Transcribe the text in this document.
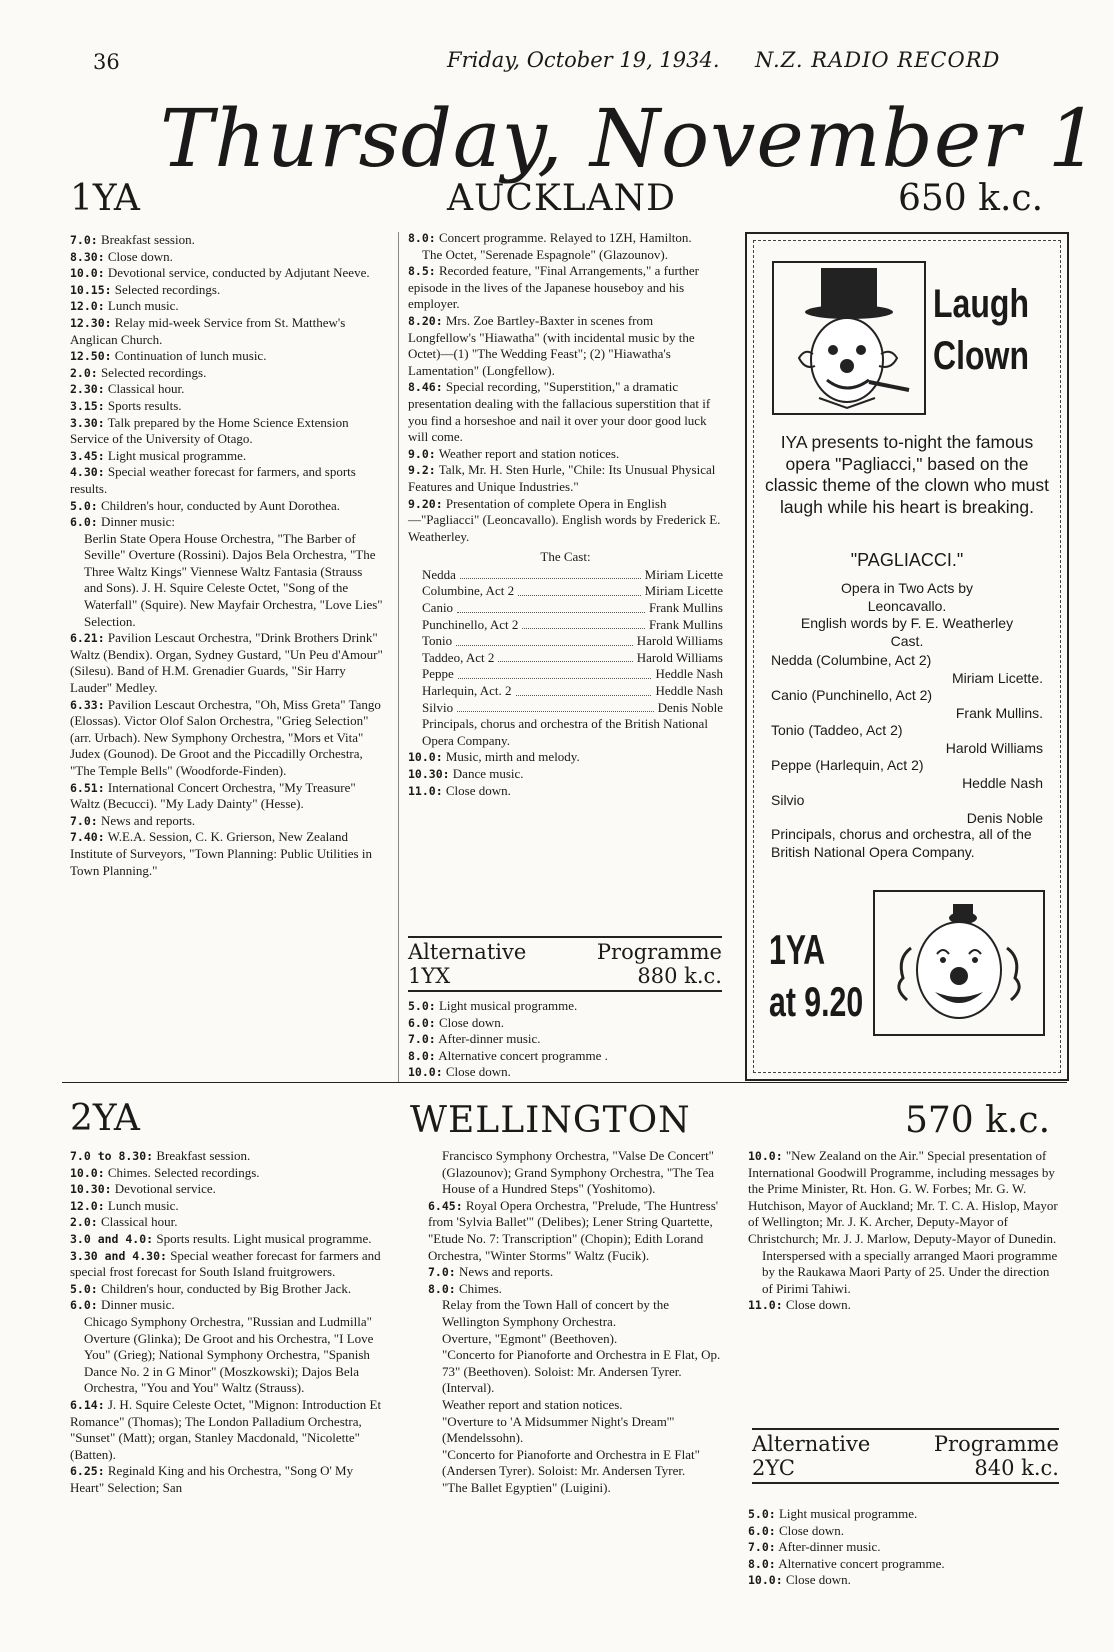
36	Friday, October 19, 1934. N.Z. RADIO RECORD
Thursday, November 1
1YA	AUCKLAND	650 k.c.

7.0: Breakfast session.

8.30: Close down.

10.0: Devotional service, conducted by Adjutant Neeve.

10.15: Selected recordings.

12.0: Lunch music.

12.30: Relay mid-week Service from St. Matthew's Anglican Church.

12.50: Continuation of lunch music.

2.0: Selected recordings.

2.30: Classical hour.

3.15: Sports results.

3.30: Talk prepared by the Home Science Extension Service of the University of Otago.

3.45: Light musical programme.

4.30: Special weather forecast for farmers, and sports results.

5.0: Children's hour, conducted by Aunt Dorothea.

6.0: Dinner music:

Berlin State Opera House Orchestra, "The Barber of Seville" Overture (Rossini). Dajos Bela Orchestra, "The Three Waltz Kings" Viennese Waltz Fantasia (Strauss and Sons). J. H. Squire Celeste Octet, "Song of the Waterfall" (Squire). New Mayfair Orchestra, "Love Lies" Selection.

6.21: Pavilion Lescaut Orchestra, "Drink Brothers Drink" Waltz (Bendix). Organ, Sydney Gustard, "Un Peu d'Amour" (Silesu). Band of H.M. Grenadier Guards, "Sir Harry Lauder" Medley.

6.33: Pavilion Lescaut Orchestra, "Oh, Miss Greta" Tango (Elossas). Victor Olof Salon Orchestra, "Grieg Selection" (arr. Urbach). New Symphony Orchestra, "Mors et Vita" Judex (Gounod). De Groot and the Piccadilly Orchestra, "The Temple Bells" (Woodforde-Finden).

6.51: International Concert Orchestra, "My Treasure" Waltz (Becucci). "My Lady Dainty" (Hesse).

7.0: News and reports.

7.40: W.E.A. Session, C. K. Grierson, New Zealand Institute of Surveyors, "Town Planning: Public Utilities in Town Planning."

8.0: Concert programme. Relayed to 1ZH, Hamilton.

The Octet, "Serenade Espagnole" (Glazounov).

8.5: Recorded feature, "Final Arrangements," a further episode in the lives of the Japanese houseboy and his employer.

8.20: Mrs. Zoe Bartley-Baxter in scenes from Longfellow's "Hiawatha" (with incidental music by the Octet)—(1) "The Wedding Feast"; (2) "Hiawatha's Lamentation" (Longfellow).

8.46: Special recording, "Superstition," a dramatic presentation dealing with the fallacious superstition that if you find a horseshoe and nail it over your door good luck will come.

9.0: Weather report and station notices.

9.2: Talk, Mr. H. Sten Hurle, "Chile: Its Unusual Physical Features and Unique Industries."

9.20: Presentation of complete Opera in English—"Pagliacci" (Leoncavallo). English words by Frederick E. Weatherley.

The Cast:
Nedda	Miriam Licette
Columbine, Act 2	Miriam Licette
Canio	Frank Mullins
Punchinello, Act 2	Frank Mullins
Tonio	Harold Williams
Taddeo, Act 2	Harold Williams
Peppe	Heddle Nash
Harlequin, Act. 2	Heddle Nash
Silvio	Denis Noble

Principals, chorus and orchestra of the British National Opera Company.

10.0: Music, mirth and melody.

10.30: Dance music.

11.0: Close down.

Alternative	Programme
1YX	880 k.c.

5.0: Light musical programme.

6.0: Close down.

7.0: After-dinner music.

8.0: Alternative concert programme .

10.0: Close down.

Laugh
Clown
IYA presents to-night the famous opera "Pagliacci," based on the classic theme of the clown who must laugh while his heart is breaking.
"PAGLIACCI."
Opera in Two Acts by
Leoncavallo.
English words by F. E. Weatherley
Cast.
Nedda (Columbine, Act 2)
Miriam Licette.
Canio (Punchinello, Act 2)
Frank Mullins.
Tonio (Taddeo, Act 2)
Harold Williams
Peppe (Harlequin, Act 2)
Heddle Nash
Silvio
Denis Noble
Principals, chorus and orchestra, all of the British National Opera Company.
1YA
at 9.20
2YA	WELLINGTON	570 k.c.

7.0 to 8.30: Breakfast session.

10.0: Chimes. Selected recordings.

10.30: Devotional service.

12.0: Lunch music.

2.0: Classical hour.

3.0 and 4.0: Sports results. Light musical programme.

3.30 and 4.30: Special weather forecast for farmers and special frost forecast for South Island fruitgrowers.

5.0: Children's hour, conducted by Big Brother Jack.

6.0: Dinner music.

Chicago Symphony Orchestra, "Russian and Ludmilla" Overture (Glinka); De Groot and his Orchestra, "I Love You" (Grieg); National Symphony Orchestra, "Spanish Dance No. 2 in G Minor" (Moszkowski); Dajos Bela Orchestra, "You and You" Waltz (Strauss).

6.14: J. H. Squire Celeste Octet, "Mignon: Introduction Et Romance" (Thomas); The London Palladium Orchestra, "Sunset" (Matt); organ, Stanley Macdonald, "Nicolette" (Batten).

6.25: Reginald King and his Orchestra, "Song O' My Heart" Selection; San

Francisco Symphony Orchestra, "Valse De Concert" (Glazounov); Grand Symphony Orchestra, "The Tea House of a Hundred Steps" (Yoshitomo).

6.45: Royal Opera Orchestra, "Prelude, 'The Huntress' from 'Sylvia Ballet'" (Delibes); Lener String Quartette, "Etude No. 7: Transcription" (Chopin); Edith Lorand Orchestra, "Winter Storms" Waltz (Fucik).

7.0: News and reports.

8.0: Chimes.

Relay from the Town Hall of concert by the Wellington Symphony Orchestra.

Overture, "Egmont" (Beethoven).

"Concerto for Pianoforte and Orchestra in E Flat, Op. 73" (Beethoven). Soloist: Mr. Andersen Tyrer.

(Interval).

Weather report and station notices.

"Overture to 'A Midsummer Night's Dream'" (Mendelssohn).

"Concerto for Pianoforte and Orchestra in E Flat" (Andersen Tyrer). Soloist: Mr. Andersen Tyrer.

"The Ballet Egyptien" (Luigini).

10.0: "New Zealand on the Air." Special presentation of International Goodwill Programme, including messages by the Prime Minister, Rt. Hon. G. W. Forbes; Mr. G. W. Hutchison, Mayor of Auckland; Mr. T. C. A. Hislop, Mayor of Wellington; Mr. J. K. Archer, Deputy-Mayor of Christchurch; Mr. J. J. Marlow, Deputy-Mayor of Dunedin.

Interspersed with a specially arranged Maori programme by the Raukawa Maori Party of 25. Under the direction of Pirimi Tahiwi.

11.0: Close down.

Alternative	Programme
2YC	840 k.c.

5.0: Light musical programme.

6.0: Close down.

7.0: After-dinner music.

8.0: Alternative concert programme.

10.0: Close down.
